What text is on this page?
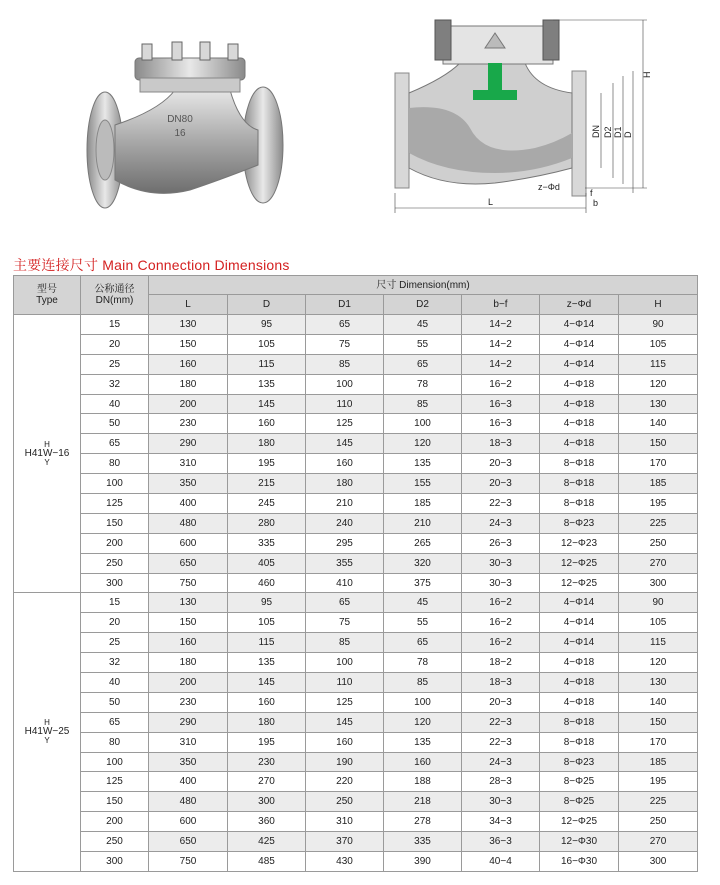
DN80
16
H
DN D2 D1 D
z−Φd
f
b
L
主要连接尺寸 Main Connection Dimensions
型号
Type	公称通径
DN(mm)	尺寸 Dimension(mm)						
		L	D	D1	D2	b−f	z−Φd	H

H
H41W−16
Y	15	130	95	65	45	14−2	4−Φ14	90
	20	150	105	75	55	14−2	4−Φ14	105
	25	160	115	85	65	14−2	4−Φ14	115
	32	180	135	100	78	16−2	4−Φ18	120
	40	200	145	110	85	16−3	4−Φ18	130
	50	230	160	125	100	16−3	4−Φ18	140
	65	290	180	145	120	18−3	4−Φ18	150
	80	310	195	160	135	20−3	8−Φ18	170
	100	350	215	180	155	20−3	8−Φ18	185
	125	400	245	210	185	22−3	8−Φ18	195
	150	480	280	240	210	24−3	8−Φ23	225
	200	600	335	295	265	26−3	12−Φ23	250
	250	650	405	355	320	30−3	12−Φ25	270
	300	750	460	410	375	30−3	12−Φ25	300

H
H41W−25
Y	15	130	95	65	45	16−2	4−Φ14	90
	20	150	105	75	55	16−2	4−Φ14	105
	25	160	115	85	65	16−2	4−Φ14	115
	32	180	135	100	78	18−2	4−Φ18	120
	40	200	145	110	85	18−3	4−Φ18	130
	50	230	160	125	100	20−3	4−Φ18	140
	65	290	180	145	120	22−3	8−Φ18	150
	80	310	195	160	135	22−3	8−Φ18	170
	100	350	230	190	160	24−3	8−Φ23	185
	125	400	270	220	188	28−3	8−Φ25	195
	150	480	300	250	218	30−3	8−Φ25	225
	200	600	360	310	278	34−3	12−Φ25	250
	250	650	425	370	335	36−3	12−Φ30	270
	300	750	485	430	390	40−4	16−Φ30	300
